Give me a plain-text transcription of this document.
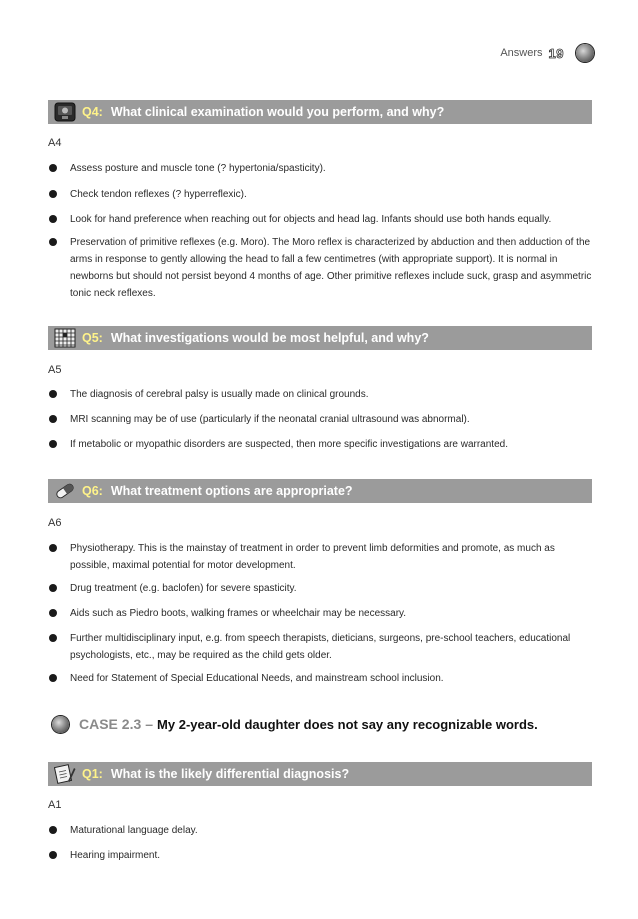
Answers 19
Q4: What clinical examination would you perform, and why?
A4
Assess posture and muscle tone (? hypertonia/spasticity).
Check tendon reflexes (? hyperreflexic).
Look for hand preference when reaching out for objects and head lag. Infants should use both hands equally.
Preservation of primitive reflexes (e.g. Moro). The Moro reflex is characterized by abduction and then adduction of the arms in response to gently allowing the head to fall a few centimetres (with appropriate support). It is normal in newborns but should not persist beyond 4 months of age. Other primitive reflexes include suck, grasp and asymmetric tonic neck reflexes.
Q5: What investigations would be most helpful, and why?
A5
The diagnosis of cerebral palsy is usually made on clinical grounds.
MRI scanning may be of use (particularly if the neonatal cranial ultrasound was abnormal).
If metabolic or myopathic disorders are suspected, then more specific investigations are warranted.
Q6: What treatment options are appropriate?
A6
Physiotherapy. This is the mainstay of treatment in order to prevent limb deformities and promote, as much as possible, maximal potential for motor development.
Drug treatment (e.g. baclofen) for severe spasticity.
Aids such as Piedro boots, walking frames or wheelchair may be necessary.
Further multidisciplinary input, e.g. from speech therapists, dieticians, surgeons, pre-school teachers, educational psychologists, etc., may be required as the child gets older.
Need for Statement of Special Educational Needs, and mainstream school inclusion.
CASE 2.3 – My 2-year-old daughter does not say any recognizable words.
Q1: What is the likely differential diagnosis?
A1
Maturational language delay.
Hearing impairment.
